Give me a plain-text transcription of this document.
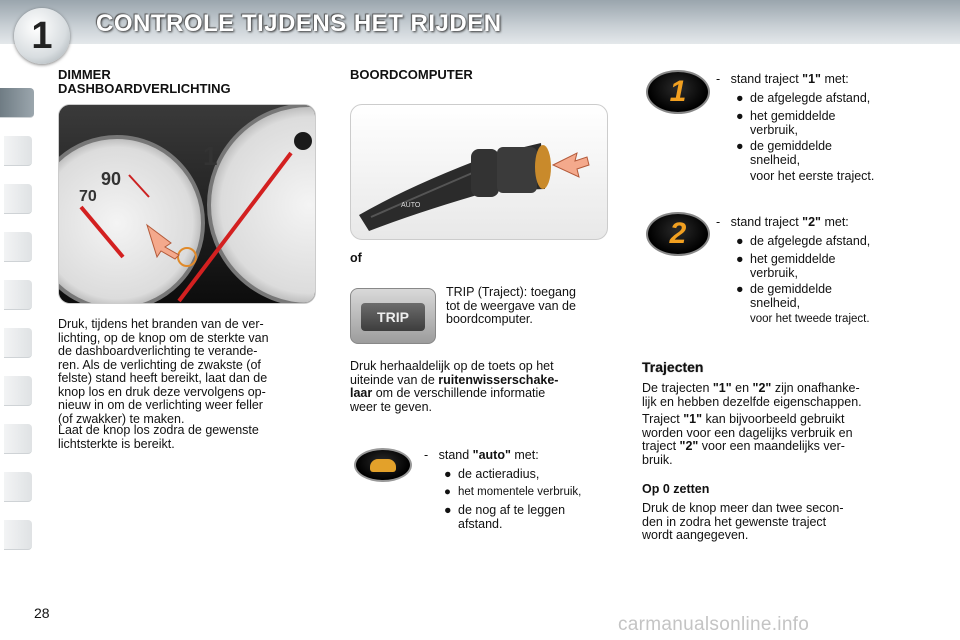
CONTROLE TIJDENS HET RIJDEN
1
DIMMER
DASHBOARDVERLICHTING
90
70
1
Druk, tijdens het branden van de ver-
lichting, op de knop om de sterkte van
de dashboardverlichting te verande-
ren. Als de verlichting de zwakste (of
felste) stand heeft bereikt, laat dan de
knop los en druk deze vervolgens op-
nieuw in om de verlichting weer feller
(of zwakker) te maken.
Laat de knop los zodra de gewenste
lichtsterkte is bereikt.
BOORDCOMPUTER
AUTO
of
TRIP
TRIP (Traject): toegang
tot de weergave van de
boordcomputer.
Druk herhaaldelijk op de toets op het
uiteinde van de ruitenwisserschake-
laar om de verschillende informatie
weer te geven.
- stand "auto" met:
● de actieradius,
● het momentele verbruik,
● de nog af te leggen
afstand.
1	- stand traject "1" met:
● de afgelegde afstand,
● het gemiddelde
verbruik,
● de gemiddelde
snelheid,
voor het eerste traject.
2	- stand traject "2" met:
● de afgelegde afstand,
● het gemiddelde
verbruik,
● de gemiddelde
snelheid,
voor het tweede traject.
Trajecten
De trajecten "1" en "2" zijn onafhanke-
lijk en hebben dezelfde eigenschappen.
Traject "1" kan bijvoorbeeld gebruikt
worden voor een dagelijks verbruik en
traject "2" voor een maandelijks ver-
bruik.
Op 0 zetten
Druk de knop meer dan twee secon-
den in zodra het gewenste traject
wordt aangegeven.
28
carmanualsonline.info
